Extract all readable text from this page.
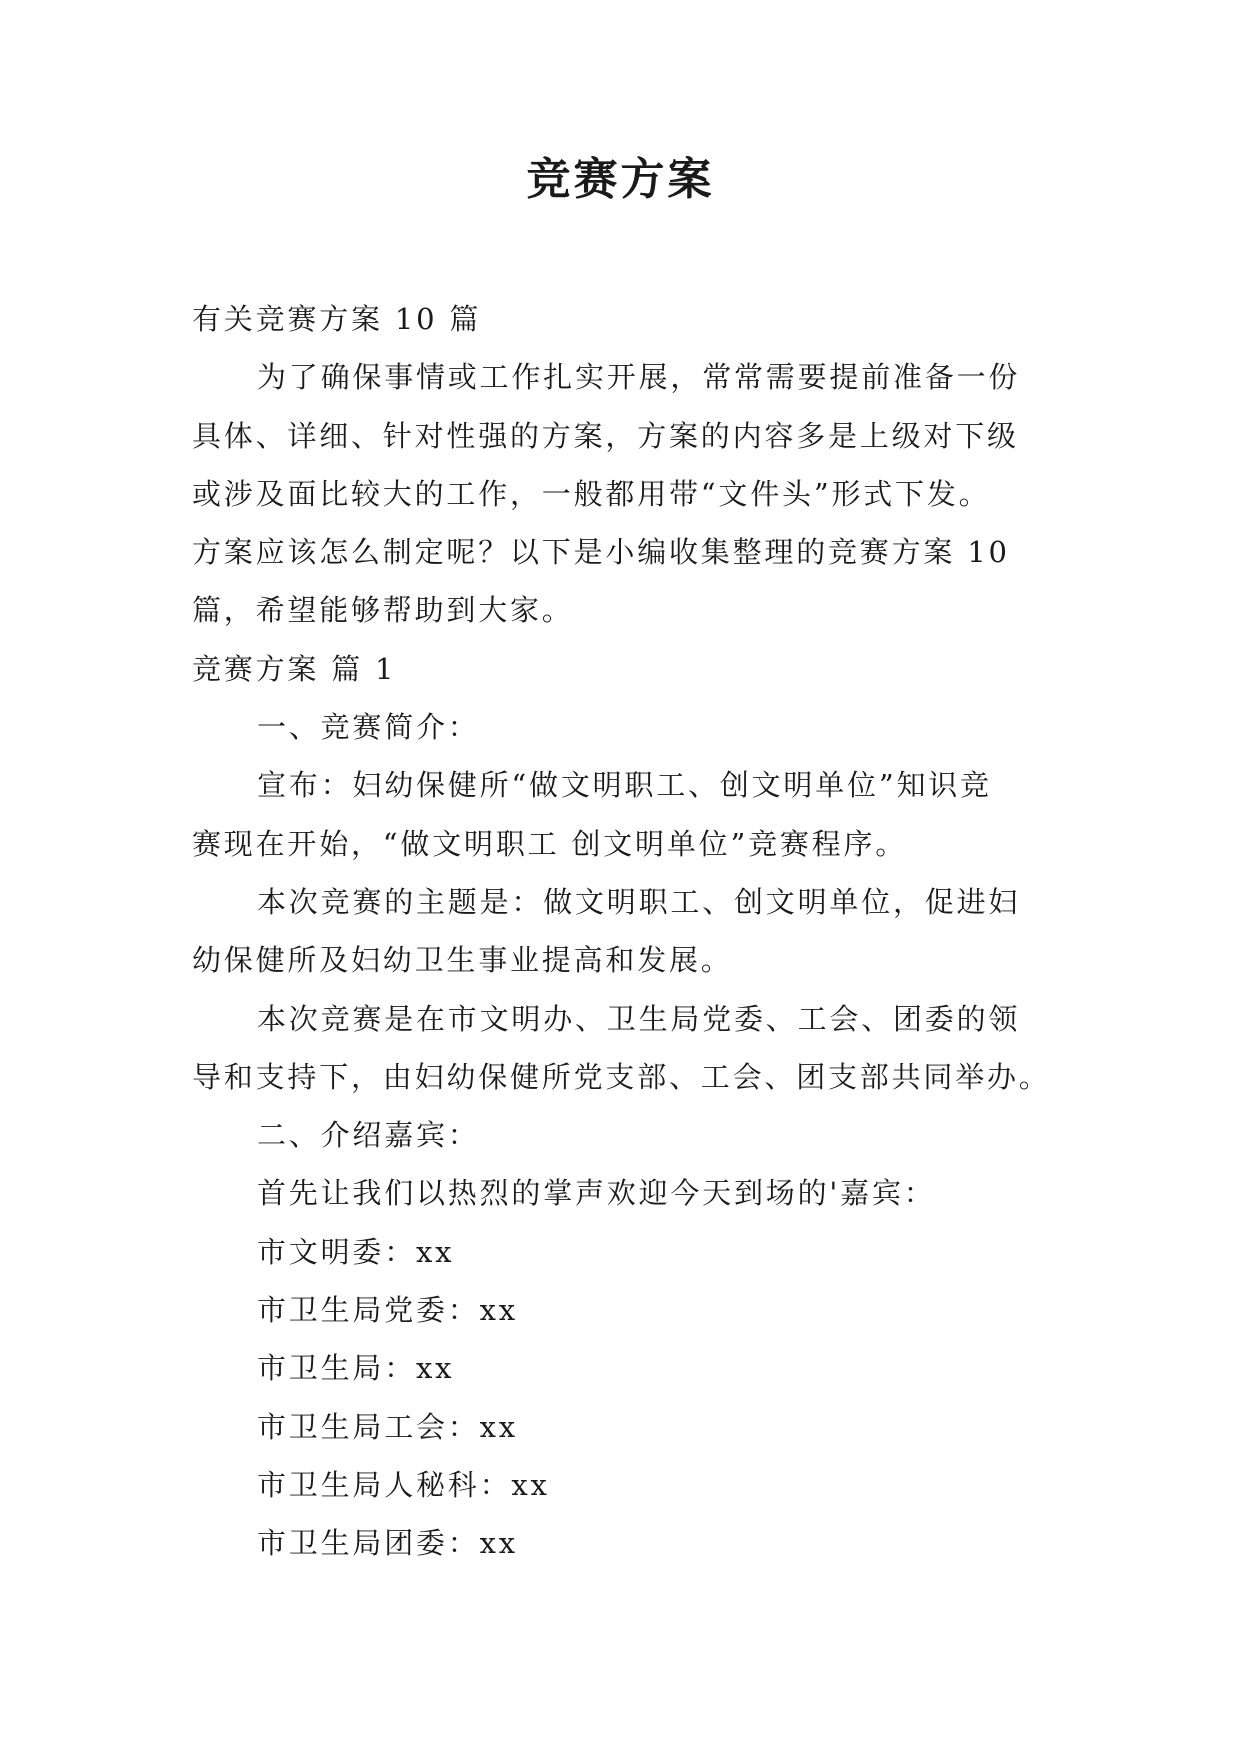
竞赛方案
有关竞赛方案 10 篇
为了确保事情或工作扎实开展，常常需要提前准备一份
具体、详细、针对性强的方案，方案的内容多是上级对下级
或涉及面比较大的工作，一般都用带“文件头”形式下发。
方案应该怎么制定呢？以下是小编收集整理的竞赛方案 10
篇，希望能够帮助到大家。
竞赛方案 篇 1
一、竞赛简介：
宣布：妇幼保健所“做文明职工、创文明单位”知识竞
赛现在开始，“做文明职工 创文明单位”竞赛程序。
本次竞赛的主题是：做文明职工、创文明单位，促进妇
幼保健所及妇幼卫生事业提高和发展。
本次竞赛是在市文明办、卫生局党委、工会、团委的领
导和支持下，由妇幼保健所党支部、工会、团支部共同举办。
二、介绍嘉宾：
首先让我们以热烈的掌声欢迎今天到场的'嘉宾：
市文明委：xx
市卫生局党委：xx
市卫生局：xx
市卫生局工会：xx
市卫生局人秘科：xx
市卫生局团委：xx
